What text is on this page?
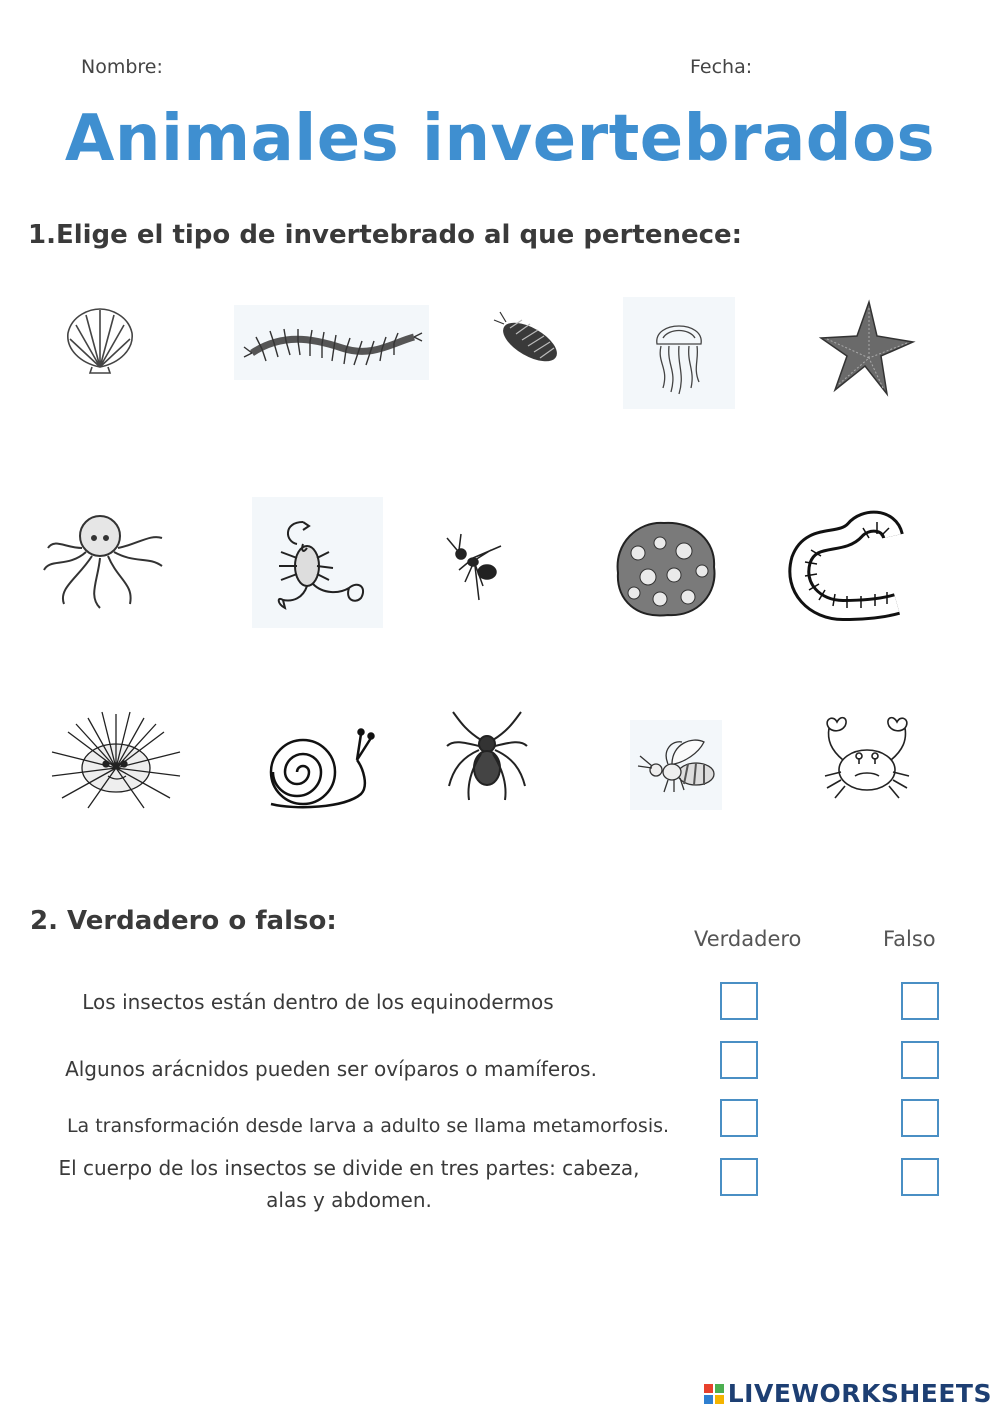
Nombre:	Fecha:
Animales invertebrados
1.Elige el tipo de invertebrado al que pertenece:
2. Verdadero o falso:
Verdadero	Falso
Los insectos están dentro de los equinodermos
Algunos arácnidos pueden ser ovíparos o mamíferos.
La transformación desde larva a adulto se llama metamorfosis.
El cuerpo de los insectos se divide en tres partes: cabeza,
alas y abdomen.
LIVEWORKSHEETS
